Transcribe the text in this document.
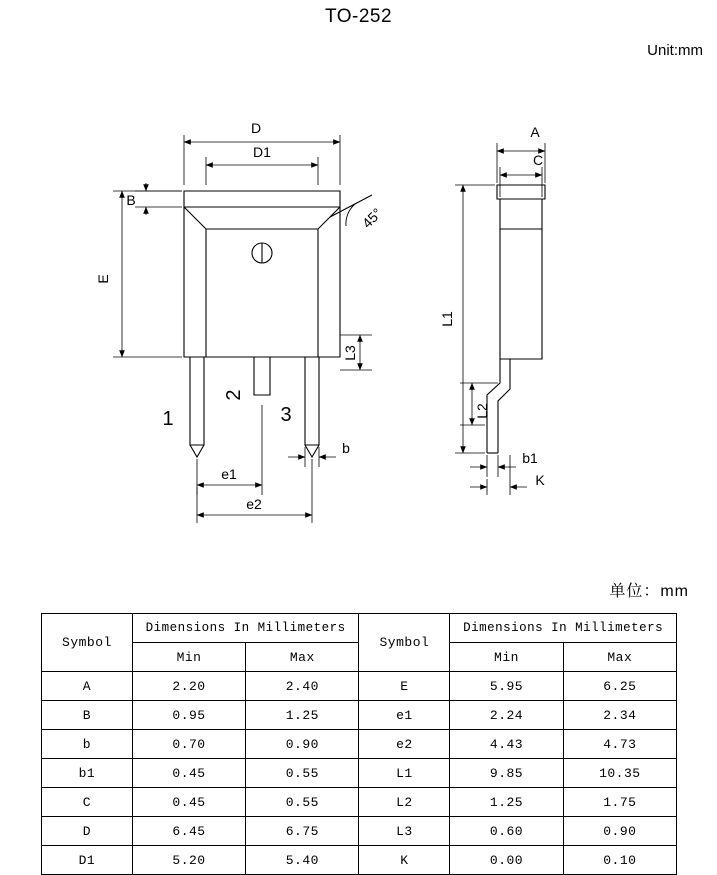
TO-252
Unit:mm
单位：mm
D
D1
B
E
L3
45°
1
2
3
b
e1
e2
A
C
L1
L2
b1
K
Symbol	Dimensions In Millimeters		Symbol	Dimensions In Millimeters	
	Min	Max		Min	Max
A	2.20	2.40	E	5.95	6.25
B	0.95	1.25	e1	2.24	2.34
b	0.70	0.90	e2	4.43	4.73
b1	0.45	0.55	L1	9.85	10.35
C	0.45	0.55	L2	1.25	1.75
D	6.45	6.75	L3	0.60	0.90
D1	5.20	5.40	K	0.00	0.10
